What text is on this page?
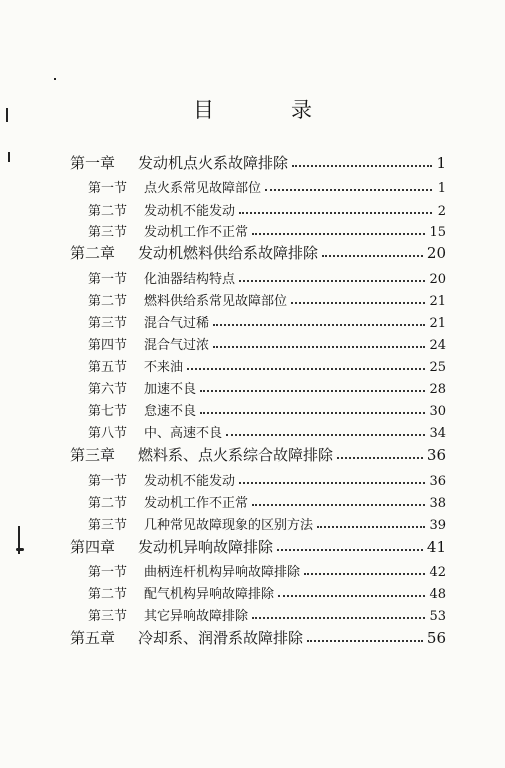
目　录
第一章	发动机点火系故障排除	1
第一节	点火系常见故障部位	1
第二节	发动机不能发动	2
第三节	发动机工作不正常	15
第二章	发动机燃料供给系故障排除	20
第一节	化油器结构特点	20
第二节	燃料供给系常见故障部位	21
第三节	混合气过稀	21
第四节	混合气过浓	24
第五节	不来油	25
第六节	加速不良	28
第七节	怠速不良	30
第八节	中、高速不良	34
第三章	燃料系、点火系综合故障排除	36
第一节	发动机不能发动	36
第二节	发动机工作不正常	38
第三节	几种常见故障现象的区别方法	39
第四章	发动机异响故障排除	41
第一节	曲柄连杆机构异响故障排除	42
第二节	配气机构异响故障排除	48
第三节	其它异响故障排除	53
第五章	冷却系、润滑系故障排除	56
